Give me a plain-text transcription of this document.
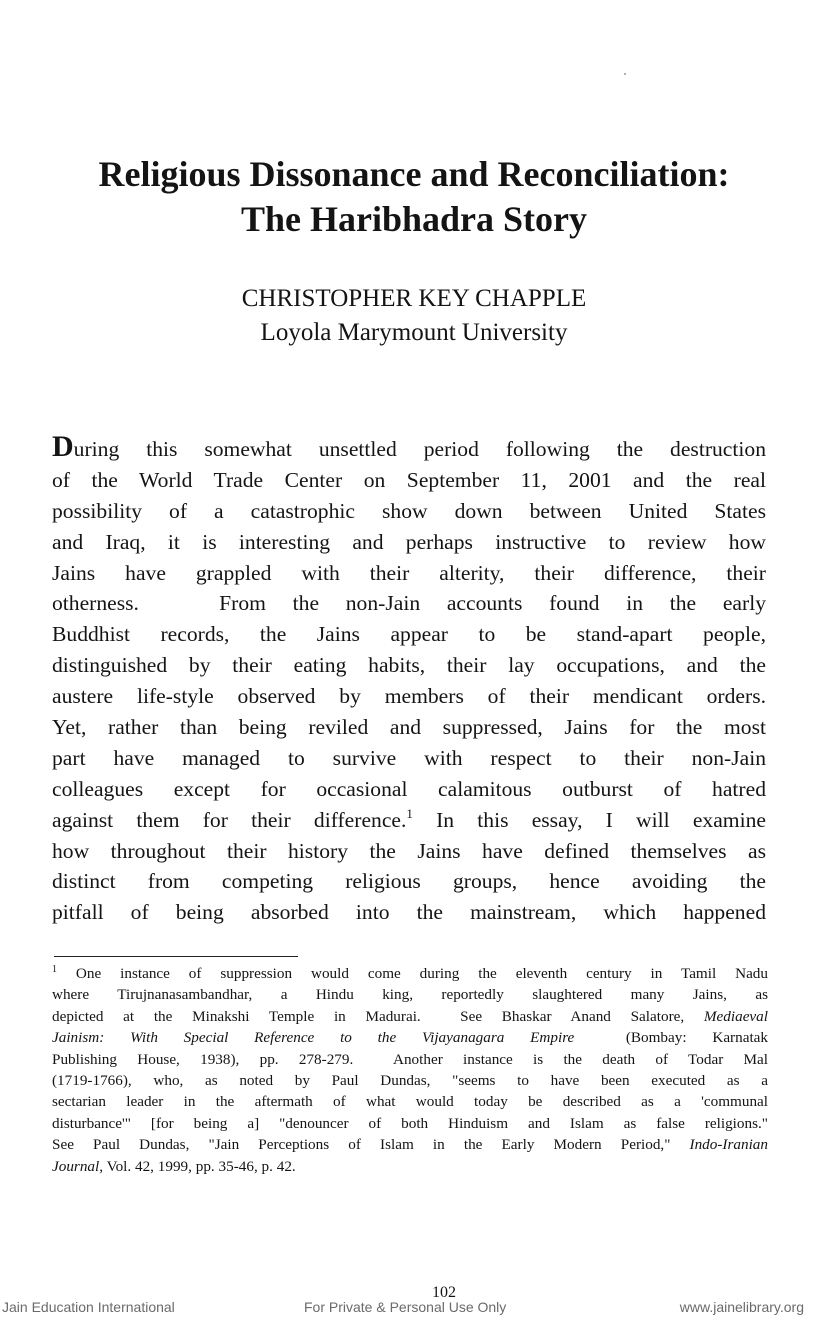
Religious Dissonance and Reconciliation:
The Haribhadra Story
CHRISTOPHER KEY CHAPPLE
Loyola Marymount University
During this somewhat unsettled period following the destruction
of the World Trade Center on September 11, 2001 and the real
possibility of a catastrophic show down between United States
and Iraq, it is interesting and perhaps instructive to review how
Jains have grappled with their alterity, their difference, their
otherness.   From the non-Jain accounts found in the early
Buddhist records, the Jains appear to be stand-apart people,
distinguished by their eating habits, their lay occupations, and the
austere life-style observed by members of their mendicant orders.
Yet, rather than being reviled and suppressed, Jains for the most
part have managed to survive with respect to their non-Jain
colleagues except for occasional calamitous outburst of hatred
against them for their difference.$^1$ In this essay, I will examine
how throughout their history the Jains have defined themselves as
distinct from competing religious groups, hence avoiding the
pitfall of being absorbed into the mainstream, which happened
$^1$ One instance of suppression would come during the eleventh century in Tamil Nadu
where Tirujnanasambandhar, a Hindu king, reportedly slaughtered many Jains, as
depicted at the Minakshi Temple in Madurai.  See Bhaskar Anand Salatore, Mediaeval
Jainism: With Special Reference to the Vijayanagara Empire  (Bombay: Karnatak
Publishing House, 1938), pp. 278-279.  Another instance is the death of Todar Mal
(1719-1766), who, as noted by Paul Dundas, "seems to have been executed as a
sectarian leader in the aftermath of what would today be described as a 'communal
disturbance'" [for being a] "denouncer of both Hinduism and Islam as false religions."
See Paul Dundas, "Jain Perceptions of Islam in the Early Modern Period," Indo-Iranian
Journal, Vol. 42, 1999, pp. 35-46, p. 42.
102
Jain Education International	For Private & Personal Use Only	www.jainelibrary.org
